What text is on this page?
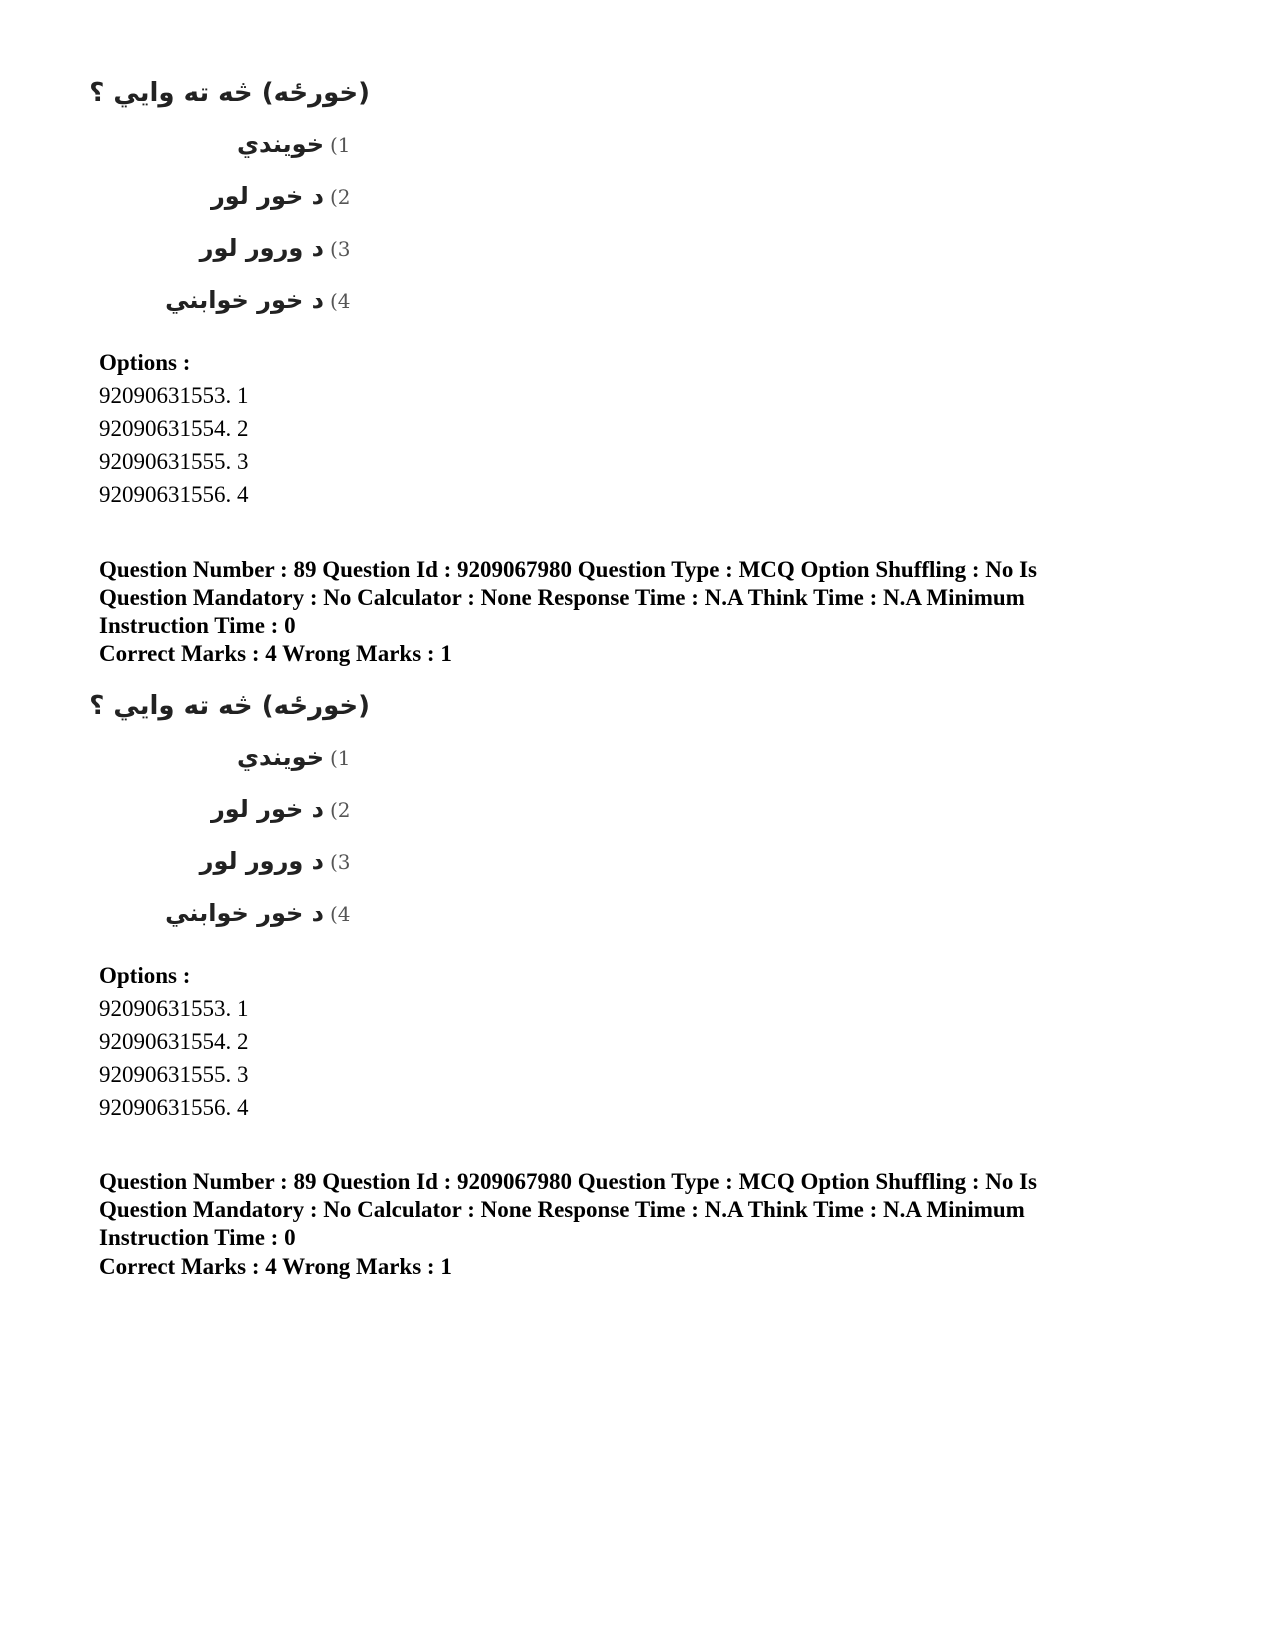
(خورځه) څه ته وایي ؟
خویندي (1
د خور لور (2
د ورور لور (3
د خور خوابني (4
Options :
92090631553. 1
92090631554. 2
92090631555. 3
92090631556. 4
Question Number : 89 Question Id : 9209067980 Question Type : MCQ Option Shuffling : No Is
Question Mandatory : No Calculator : None Response Time : N.A Think Time : N.A Minimum
Instruction Time : 0
Correct Marks : 4 Wrong Marks : 1
(خورځه) څه ته وایي ؟
خویندي (1
د خور لور (2
د ورور لور (3
د خور خوابني (4
Options :
92090631553. 1
92090631554. 2
92090631555. 3
92090631556. 4
Question Number : 89 Question Id : 9209067980 Question Type : MCQ Option Shuffling : No Is
Question Mandatory : No Calculator : None Response Time : N.A Think Time : N.A Minimum
Instruction Time : 0
Correct Marks : 4 Wrong Marks : 1
